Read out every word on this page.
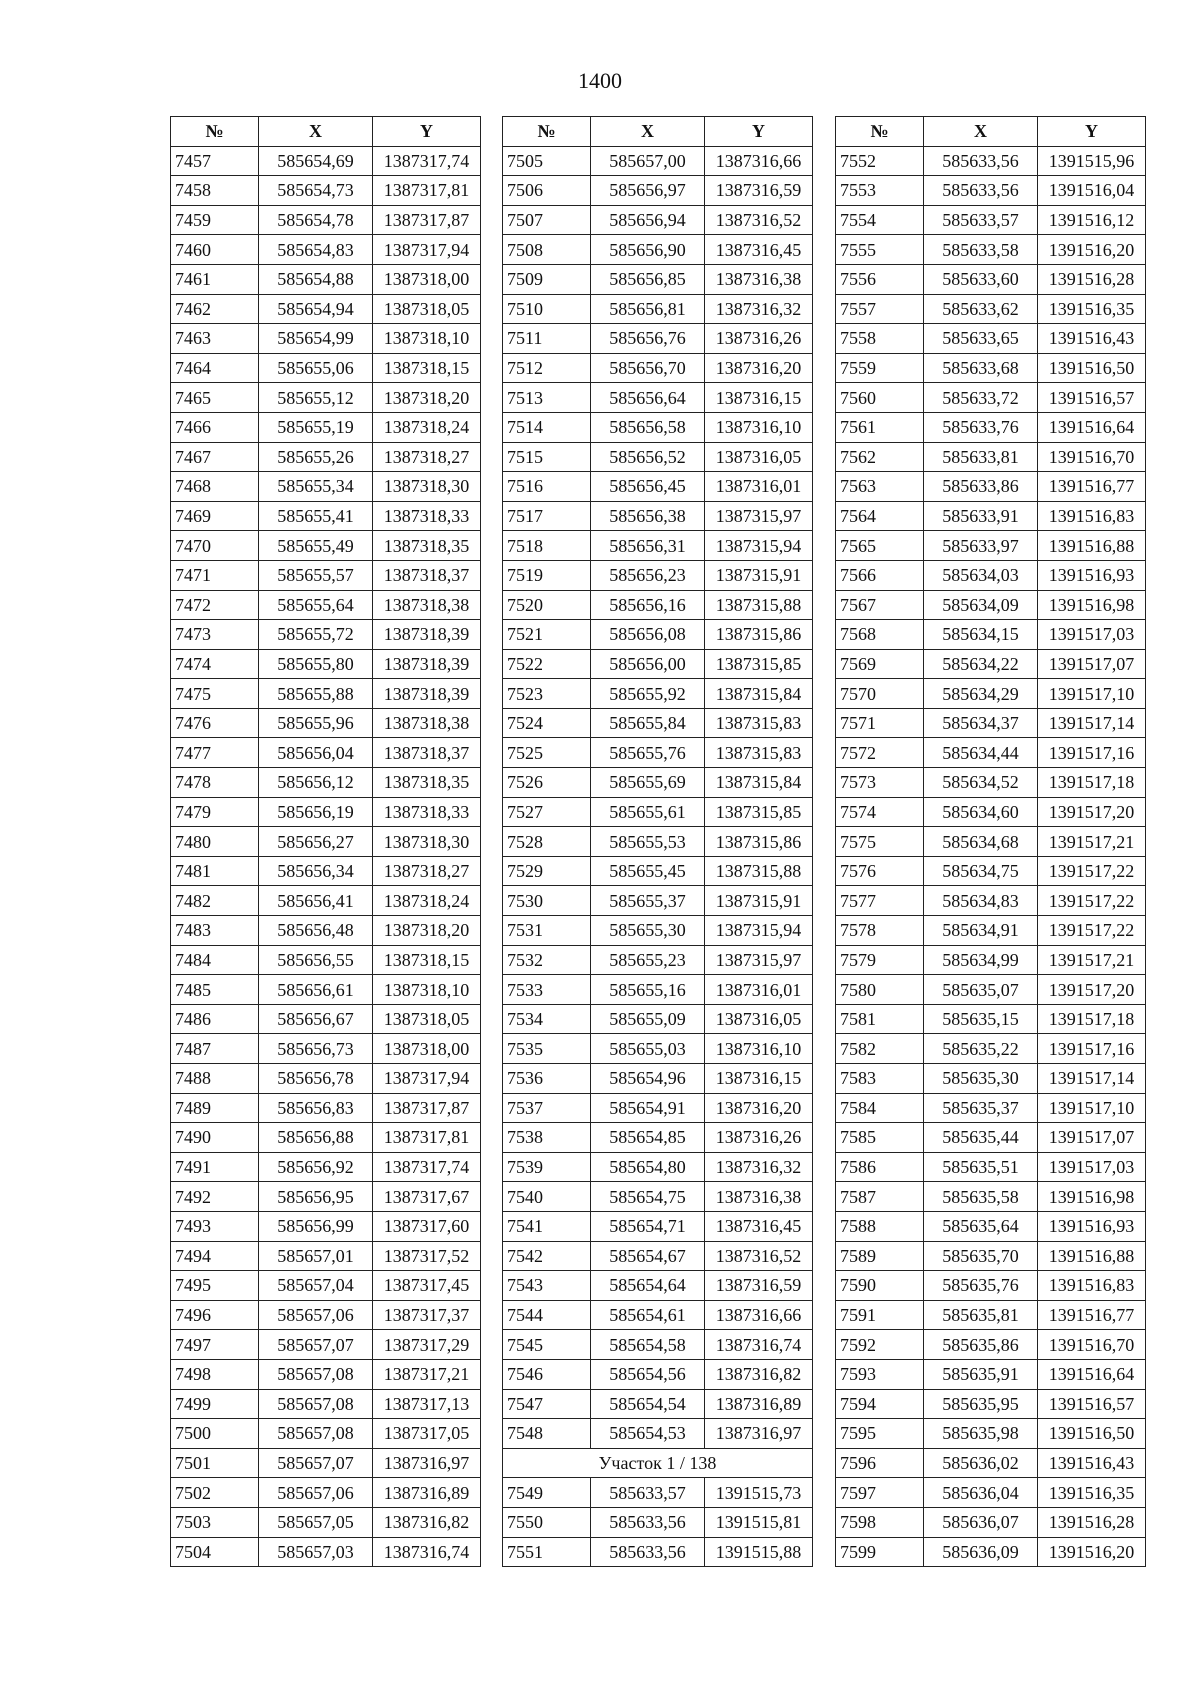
1400
№	X	Y
7457	585654,69	1387317,74
7458	585654,73	1387317,81
7459	585654,78	1387317,87
7460	585654,83	1387317,94
7461	585654,88	1387318,00
7462	585654,94	1387318,05
7463	585654,99	1387318,10
7464	585655,06	1387318,15
7465	585655,12	1387318,20
7466	585655,19	1387318,24
7467	585655,26	1387318,27
7468	585655,34	1387318,30
7469	585655,41	1387318,33
7470	585655,49	1387318,35
7471	585655,57	1387318,37
7472	585655,64	1387318,38
7473	585655,72	1387318,39
7474	585655,80	1387318,39
7475	585655,88	1387318,39
7476	585655,96	1387318,38
7477	585656,04	1387318,37
7478	585656,12	1387318,35
7479	585656,19	1387318,33
7480	585656,27	1387318,30
7481	585656,34	1387318,27
7482	585656,41	1387318,24
7483	585656,48	1387318,20
7484	585656,55	1387318,15
7485	585656,61	1387318,10
7486	585656,67	1387318,05
7487	585656,73	1387318,00
7488	585656,78	1387317,94
7489	585656,83	1387317,87
7490	585656,88	1387317,81
7491	585656,92	1387317,74
7492	585656,95	1387317,67
7493	585656,99	1387317,60
7494	585657,01	1387317,52
7495	585657,04	1387317,45
7496	585657,06	1387317,37
7497	585657,07	1387317,29
7498	585657,08	1387317,21
7499	585657,08	1387317,13
7500	585657,08	1387317,05
7501	585657,07	1387316,97
7502	585657,06	1387316,89
7503	585657,05	1387316,82
7504	585657,03	1387316,74
№	X	Y
7505	585657,00	1387316,66
7506	585656,97	1387316,59
7507	585656,94	1387316,52
7508	585656,90	1387316,45
7509	585656,85	1387316,38
7510	585656,81	1387316,32
7511	585656,76	1387316,26
7512	585656,70	1387316,20
7513	585656,64	1387316,15
7514	585656,58	1387316,10
7515	585656,52	1387316,05
7516	585656,45	1387316,01
7517	585656,38	1387315,97
7518	585656,31	1387315,94
7519	585656,23	1387315,91
7520	585656,16	1387315,88
7521	585656,08	1387315,86
7522	585656,00	1387315,85
7523	585655,92	1387315,84
7524	585655,84	1387315,83
7525	585655,76	1387315,83
7526	585655,69	1387315,84
7527	585655,61	1387315,85
7528	585655,53	1387315,86
7529	585655,45	1387315,88
7530	585655,37	1387315,91
7531	585655,30	1387315,94
7532	585655,23	1387315,97
7533	585655,16	1387316,01
7534	585655,09	1387316,05
7535	585655,03	1387316,10
7536	585654,96	1387316,15
7537	585654,91	1387316,20
7538	585654,85	1387316,26
7539	585654,80	1387316,32
7540	585654,75	1387316,38
7541	585654,71	1387316,45
7542	585654,67	1387316,52
7543	585654,64	1387316,59
7544	585654,61	1387316,66
7545	585654,58	1387316,74
7546	585654,56	1387316,82
7547	585654,54	1387316,89
7548	585654,53	1387316,97
Участок 1 / 138		
7549	585633,57	1391515,73
7550	585633,56	1391515,81
7551	585633,56	1391515,88
№	X	Y
7552	585633,56	1391515,96
7553	585633,56	1391516,04
7554	585633,57	1391516,12
7555	585633,58	1391516,20
7556	585633,60	1391516,28
7557	585633,62	1391516,35
7558	585633,65	1391516,43
7559	585633,68	1391516,50
7560	585633,72	1391516,57
7561	585633,76	1391516,64
7562	585633,81	1391516,70
7563	585633,86	1391516,77
7564	585633,91	1391516,83
7565	585633,97	1391516,88
7566	585634,03	1391516,93
7567	585634,09	1391516,98
7568	585634,15	1391517,03
7569	585634,22	1391517,07
7570	585634,29	1391517,10
7571	585634,37	1391517,14
7572	585634,44	1391517,16
7573	585634,52	1391517,18
7574	585634,60	1391517,20
7575	585634,68	1391517,21
7576	585634,75	1391517,22
7577	585634,83	1391517,22
7578	585634,91	1391517,22
7579	585634,99	1391517,21
7580	585635,07	1391517,20
7581	585635,15	1391517,18
7582	585635,22	1391517,16
7583	585635,30	1391517,14
7584	585635,37	1391517,10
7585	585635,44	1391517,07
7586	585635,51	1391517,03
7587	585635,58	1391516,98
7588	585635,64	1391516,93
7589	585635,70	1391516,88
7590	585635,76	1391516,83
7591	585635,81	1391516,77
7592	585635,86	1391516,70
7593	585635,91	1391516,64
7594	585635,95	1391516,57
7595	585635,98	1391516,50
7596	585636,02	1391516,43
7597	585636,04	1391516,35
7598	585636,07	1391516,28
7599	585636,09	1391516,20
